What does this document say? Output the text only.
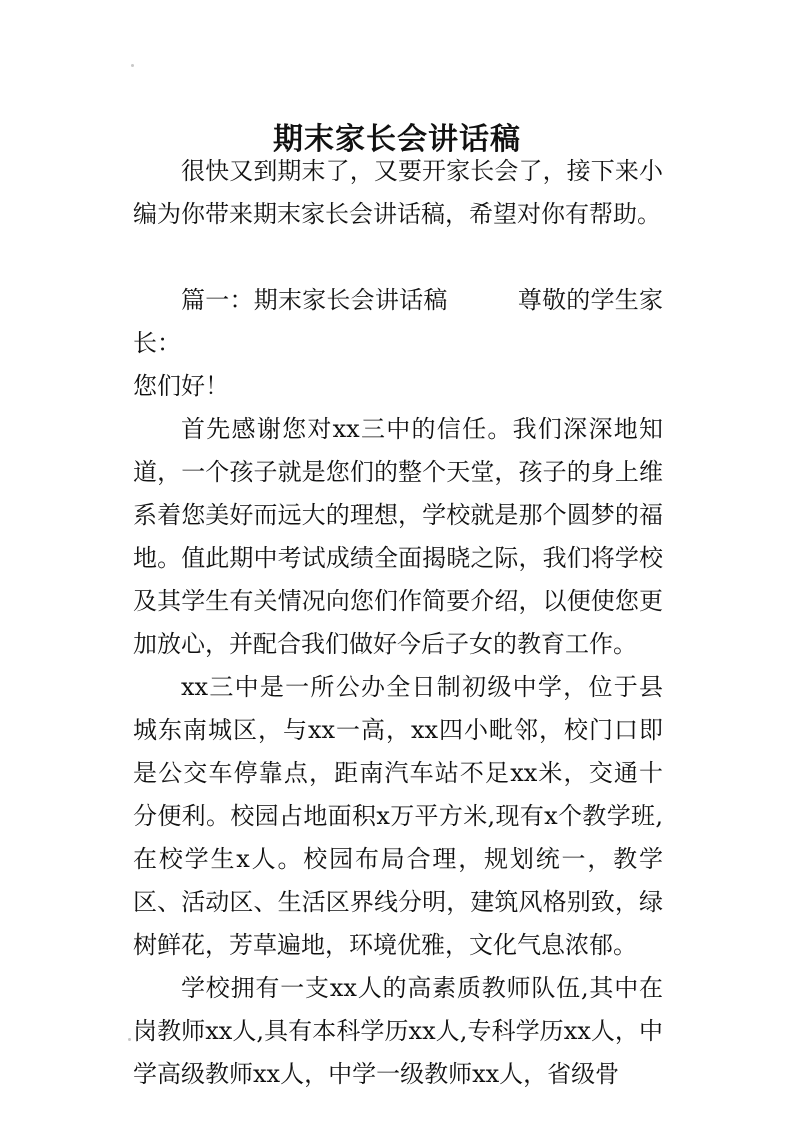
期末家长会讲话稿

很快又到期末了，又要开家长会了，接下来小编为你带来期末家长会讲话稿，希望对你有帮助。

篇一：期末家长会讲话稿	尊敬的学生家长：

您们好！

首先感谢您对xx三中的信任。我们深深地知道，一个孩子就是您们的整个天堂，孩子的身上维系着您美好而远大的理想，学校就是那个圆梦的福地。值此期中考试成绩全面揭晓之际，我们将学校及其学生有关情况向您们作简要介绍，以便使您更加放心，并配合我们做好今后子女的教育工作。

xx三中是一所公办全日制初级中学，位于县城东南城区，与xx一高，xx四小毗邻，校门口即是公交车停靠点，距南汽车站不足xx米，交通十分便利。校园占地面积x万平方米,现有x个教学班,在校学生x人。校园布局合理，规划统一，教学区、活动区、生活区界线分明，建筑风格别致，绿树鲜花，芳草遍地，环境优雅，文化气息浓郁。

学校拥有一支xx人的高素质教师队伍,其中在岗教师xx人,具有本科学历xx人,专科学历xx人，中学高级教师xx人，中学一级教师xx人，省级骨
